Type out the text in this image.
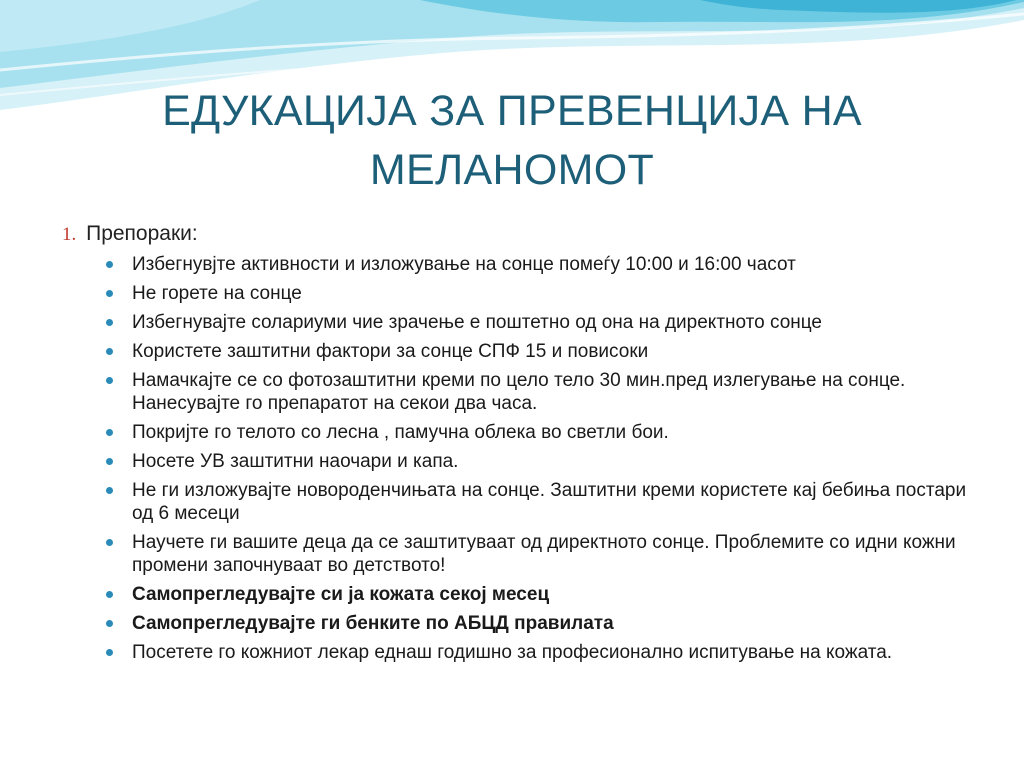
ЕДУКАЦИЈА ЗА ПРЕВЕНЦИЈА НА
МЕЛАНОМОТ
1. Препораки:
Избегнувјте активности и изложување на сонце помеѓу 10:00 и 16:00 часот
Не горете на сонце
Избегнувајте солариуми чие зрачење е поштетно од она на директното сонце
Користете заштитни фактори за сонце СПФ 15 и повисоки
Намачкајте се со фотозаштитни креми по цело тело 30 мин.пред излегување на сонце. Нанесувајте го препаратот на секои два часа.
Покријте го телото со лесна , памучна облека во светли бои.
Носете УВ заштитни наочари и капа.
Не ги изложувајте новороденчињата на сонце. Заштитни креми користете кај бебиња постари од 6 месеци
Научете ги вашите деца да се заштитуваат од директното сонце. Проблемите со идни кожни промени започнуваат во детството!
Самопрегледувајте си ја кожата секој месец
Самопрегледувајте ги бенките по АБЦД правилата
Посетете го кожниот лекар еднаш годишно за професионално испитување на кожата.
